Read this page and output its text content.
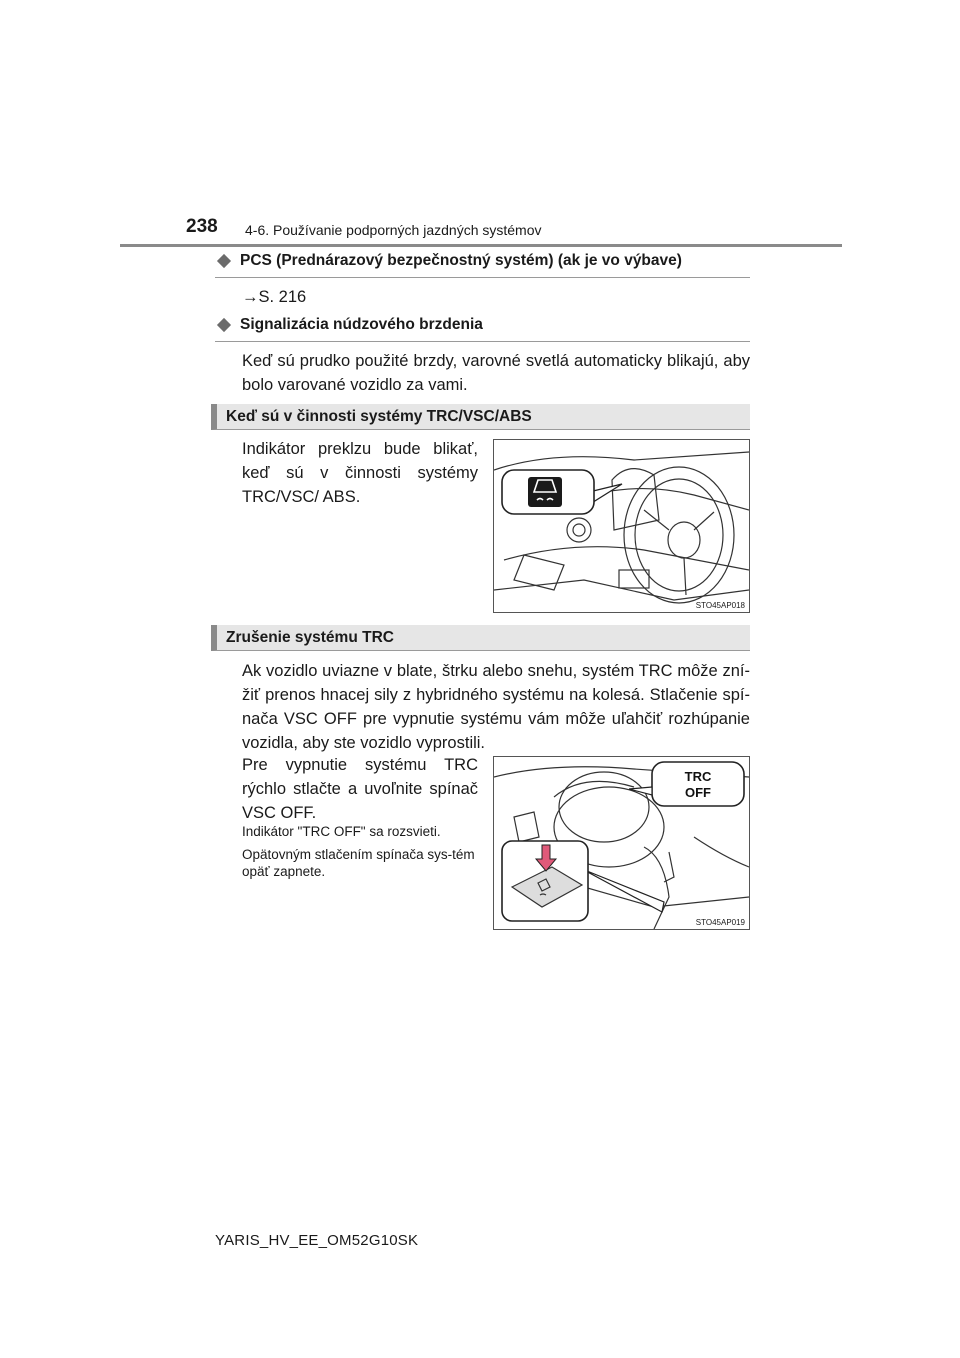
238 4-6. Používanie podporných jazdných systémov
PCS (Prednárazový bezpečnostný systém) (ak je vo výbave)
→S. 216
Signalizácia núdzového brzdenia
Keď sú prudko použité brzdy, varovné svetlá automaticky blikajú, aby bolo varované vozidlo za vami.
Keď sú v činnosti systémy TRC/VSC/ABS
Indikátor preklzu bude blikať, keď sú v činnosti systémy TRC/VSC/ ABS.
STO45AP018
Zrušenie systému TRC
Ak vozidlo uviazne v blate, štrku alebo snehu, systém TRC môže zní-žiť prenos hnacej sily z hybridného systému na kolesá. Stlačenie spí-nača VSC OFF pre vypnutie systému vám môže uľahčiť rozhúpanie vozidla, aby ste vozidlo vyprostili.
Pre vypnutie systému TRC rýchlo stlačte a uvoľnite spínač VSC OFF.
Indikátor "TRC OFF" sa rozsvieti.
Opätovným stlačením spínača sys-tém opäť zapnete.
TRC
OFF
STO45AP019
YARIS_HV_EE_OM52G10SK
